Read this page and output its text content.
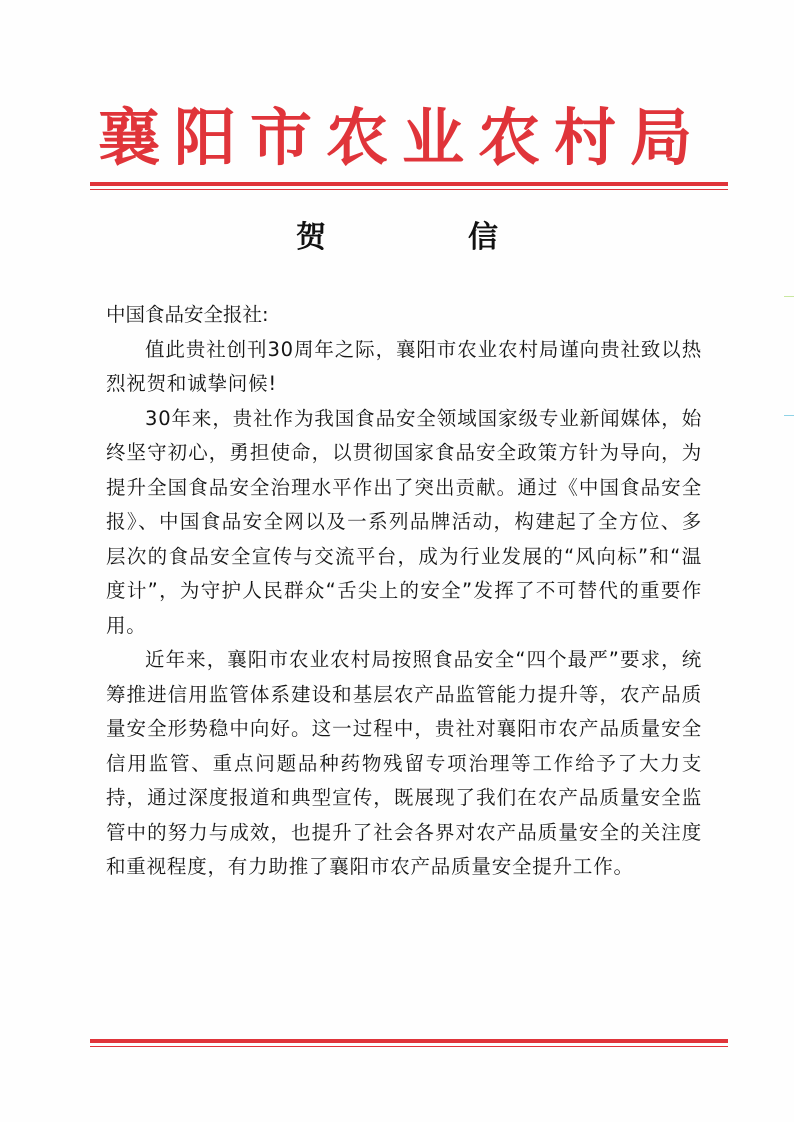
襄阳市农业农村局
贺　信

中国食品安全报社:

值此贵社创刊30周年之际，襄阳市农业农村局谨向贵社致以热烈祝贺和诚挚问候!

30年来，贵社作为我国食品安全领域国家级专业新闻媒体，始终坚守初心，勇担使命，以贯彻国家食品安全政策方针为导向，为提升全国食品安全治理水平作出了突出贡献。通过《中国食品安全报》、中国食品安全网以及一系列品牌活动，构建起了全方位、多层次的食品安全宣传与交流平台，成为行业发展的“风向标”和“温度计”，为守护人民群众“舌尖上的安全”发挥了不可替代的重要作用。

近年来，襄阳市农业农村局按照食品安全“四个最严”要求，统筹推进信用监管体系建设和基层农产品监管能力提升等，农产品质量安全形势稳中向好。这一过程中，贵社对襄阳市农产品质量安全信用监管、重点问题品种药物残留专项治理等工作给予了大力支持，通过深度报道和典型宣传，既展现了我们在农产品质量安全监管中的努力与成效，也提升了社会各界对农产品质量安全的关注度和重视程度，有力助推了襄阳市农产品质量安全提升工作。
